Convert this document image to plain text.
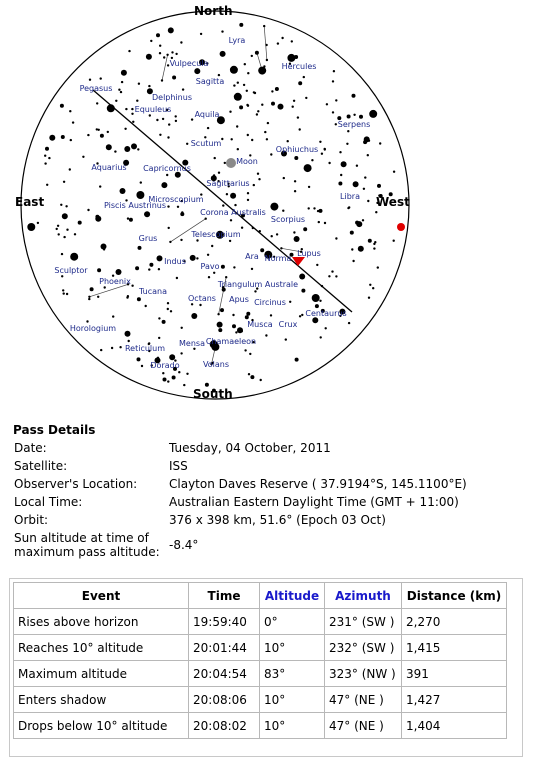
Lyra
Vulpecula	Hercules
Pegasus
Sagitta
Delphinus
Equuleus
Aquila
Serpens
Scutum
Ophiuchus
Moon
Aquarius Capricornus
Sagittarius
Libra
Microscopium
Piscis Austrinus
Corona Australis
Scorpius
Telescopium
Grus
Indus
Ara Norma
Lupus
Pavo
Sculptor
Phoenix	Triangulum Australe
Tucana
Octans Apus Circinus
Centaurus
Horologium	Musca Crux
Reticulum
Chamaeleon
Mensa
Dorado	Volans
North
South
East	West
Pass Details
Date:	Tuesday, 04 October, 2011
Satellite:	ISS
Observer's Location:	Clayton Daves Reserve ( 37.9194°S, 145.1100°E)
Local Time:	Australian Eastern Daylight Time (GMT + 11:00)
Orbit:	376 x 398 km, 51.6° (Epoch 03 Oct)
Sun altitude at time of maximum pass altitude: -8.4°
Event	Time	Altitude	Azimuth	Distance (km)
Rises above horizon	19:59:40	0°	231° (SW )	2,270
Reaches 10° altitude	20:01:44	10°	232° (SW )	1,415
Maximum altitude	20:04:54	83°	323° (NW )	391
Enters shadow	20:08:06	10°	47° (NE )	1,427
Drops below 10° altitude	20:08:02	10°	47° (NE )	1,404
